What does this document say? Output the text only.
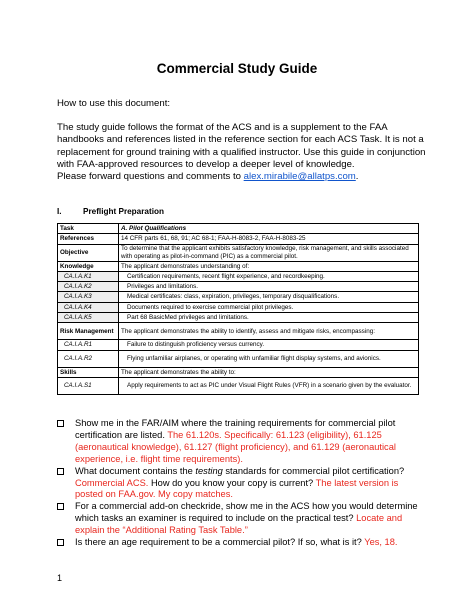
Commercial Study Guide
How to use this document:
The study guide follows the format of the ACS and is a supplement to the FAA handbooks and references listed in the reference section for each ACS Task. It is not a replacement for ground training with a qualified instructor. Use this guide in conjunction with FAA-approved resources to develop a deeper level of knowledge.
Please forward questions and comments to alex.mirabile@allatps.com.
I.	Preflight Preparation
Task	A. Pilot Qualifications
References	14 CFR parts 61, 68, 91; AC 68-1; FAA-H-8083-2, FAA-H-8083-25
Objective	To determine that the applicant exhibits satisfactory knowledge, risk management, and skills associated with operating as pilot-in-command (PIC) as a commercial pilot.
Knowledge	The applicant demonstrates understanding of:
CA.I.A.K1	Certification requirements, recent flight experience, and recordkeeping.
CA.I.A.K2	Privileges and limitations.
CA.I.A.K3	Medical certificates: class, expiration, privileges, temporary disqualifications.
CA.I.A.K4	Documents required to exercise commercial pilot privileges.
CA.I.A.K5	Part 68 BasicMed privileges and limitations.
Risk Management	The applicant demonstrates the ability to identify, assess and mitigate risks, encompassing:
CA.I.A.R1	Failure to distinguish proficiency versus currency.
CA.I.A.R2	Flying unfamiliar airplanes, or operating with unfamiliar flight display systems, and avionics.
Skills	The applicant demonstrates the ability to:
CA.I.A.S1	Apply requirements to act as PIC under Visual Flight Rules (VFR) in a scenario given by the evaluator.
Show me in the FAR/AIM where the training requirements for commercial pilot certification are listed. The 61.120s. Specifically: 61.123 (eligibility), 61.125 (aeronautical knowledge), 61.127 (flight proficiency), and 61.129 (aeronautical experience, i.e. flight time requirements).
What document contains the testing standards for commercial pilot certification? Commercial ACS. How do you know your copy is current? The latest version is posted on FAA.gov. My copy matches.
For a commercial add-on checkride, show me in the ACS how you would determine which tasks an examiner is required to include on the practical test? Locate and explain the “Additional Rating Task Table.”
Is there an age requirement to be a commercial pilot? If so, what is it? Yes, 18.
1
